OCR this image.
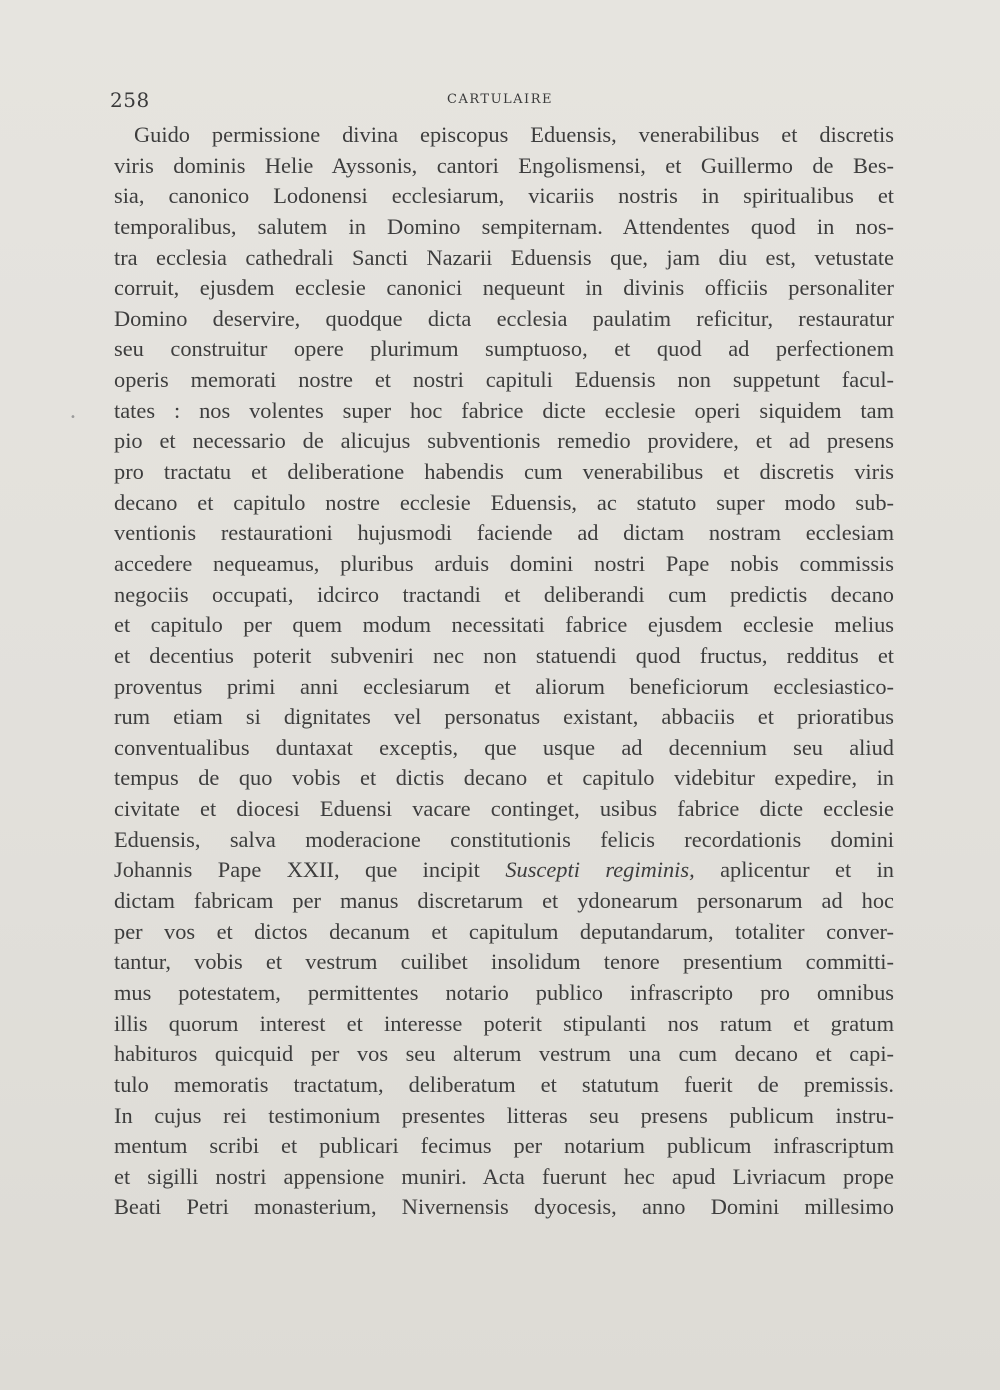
258	CARTULAIRE
•
Guido permissione divina episcopus Eduensis, venerabilibus et discretis
viris dominis Helie Ayssonis, cantori Engolismensi, et Guillermo de Bes-
sia, canonico Lodonensi ecclesiarum, vicariis nostris in spiritualibus et
temporalibus, salutem in Domino sempiternam. Attendentes quod in nos-
tra ecclesia cathedrali Sancti Nazarii Eduensis que, jam diu est, vetustate
corruit, ejusdem ecclesie canonici nequeunt in divinis officiis personaliter
Domino deservire, quodque dicta ecclesia paulatim reficitur, restauratur
seu construitur opere plurimum sumptuoso, et quod ad perfectionem
operis memorati nostre et nostri capituli Eduensis non suppetunt facul-
tates : nos volentes super hoc fabrice dicte ecclesie operi siquidem tam
pio et necessario de alicujus subventionis remedio providere, et ad presens
pro tractatu et deliberatione habendis cum venerabilibus et discretis viris
decano et capitulo nostre ecclesie Eduensis, ac statuto super modo sub-
ventionis restaurationi hujusmodi faciende ad dictam nostram ecclesiam
accedere nequeamus, pluribus arduis domini nostri Pape nobis commissis
negociis occupati, idcirco tractandi et deliberandi cum predictis decano
et capitulo per quem modum necessitati fabrice ejusdem ecclesie melius
et decentius poterit subveniri nec non statuendi quod fructus, redditus et
proventus primi anni ecclesiarum et aliorum beneficiorum ecclesiastico-
rum etiam si dignitates vel personatus existant, abbaciis et prioratibus
conventualibus duntaxat exceptis, que usque ad decennium seu aliud
tempus de quo vobis et dictis decano et capitulo videbitur expedire, in
civitate et diocesi Eduensi vacare continget, usibus fabrice dicte ecclesie
Eduensis, salva moderacione constitutionis felicis recordationis domini
Johannis Pape XXII, que incipit Suscepti regiminis, aplicentur et in
dictam fabricam per manus discretarum et ydonearum personarum ad hoc
per vos et dictos decanum et capitulum deputandarum, totaliter conver-
tantur, vobis et vestrum cuilibet insolidum tenore presentium committi-
mus potestatem, permittentes notario publico infrascripto pro omnibus
illis quorum interest et interesse poterit stipulanti nos ratum et gratum
habituros quicquid per vos seu alterum vestrum una cum decano et capi-
tulo memoratis tractatum, deliberatum et statutum fuerit de premissis.
In cujus rei testimonium presentes litteras seu presens publicum instru-
mentum scribi et publicari fecimus per notarium publicum infrascriptum
et sigilli nostri appensione muniri. Acta fuerunt hec apud Livriacum prope
Beati Petri monasterium, Nivernensis dyocesis, anno Domini millesimo
